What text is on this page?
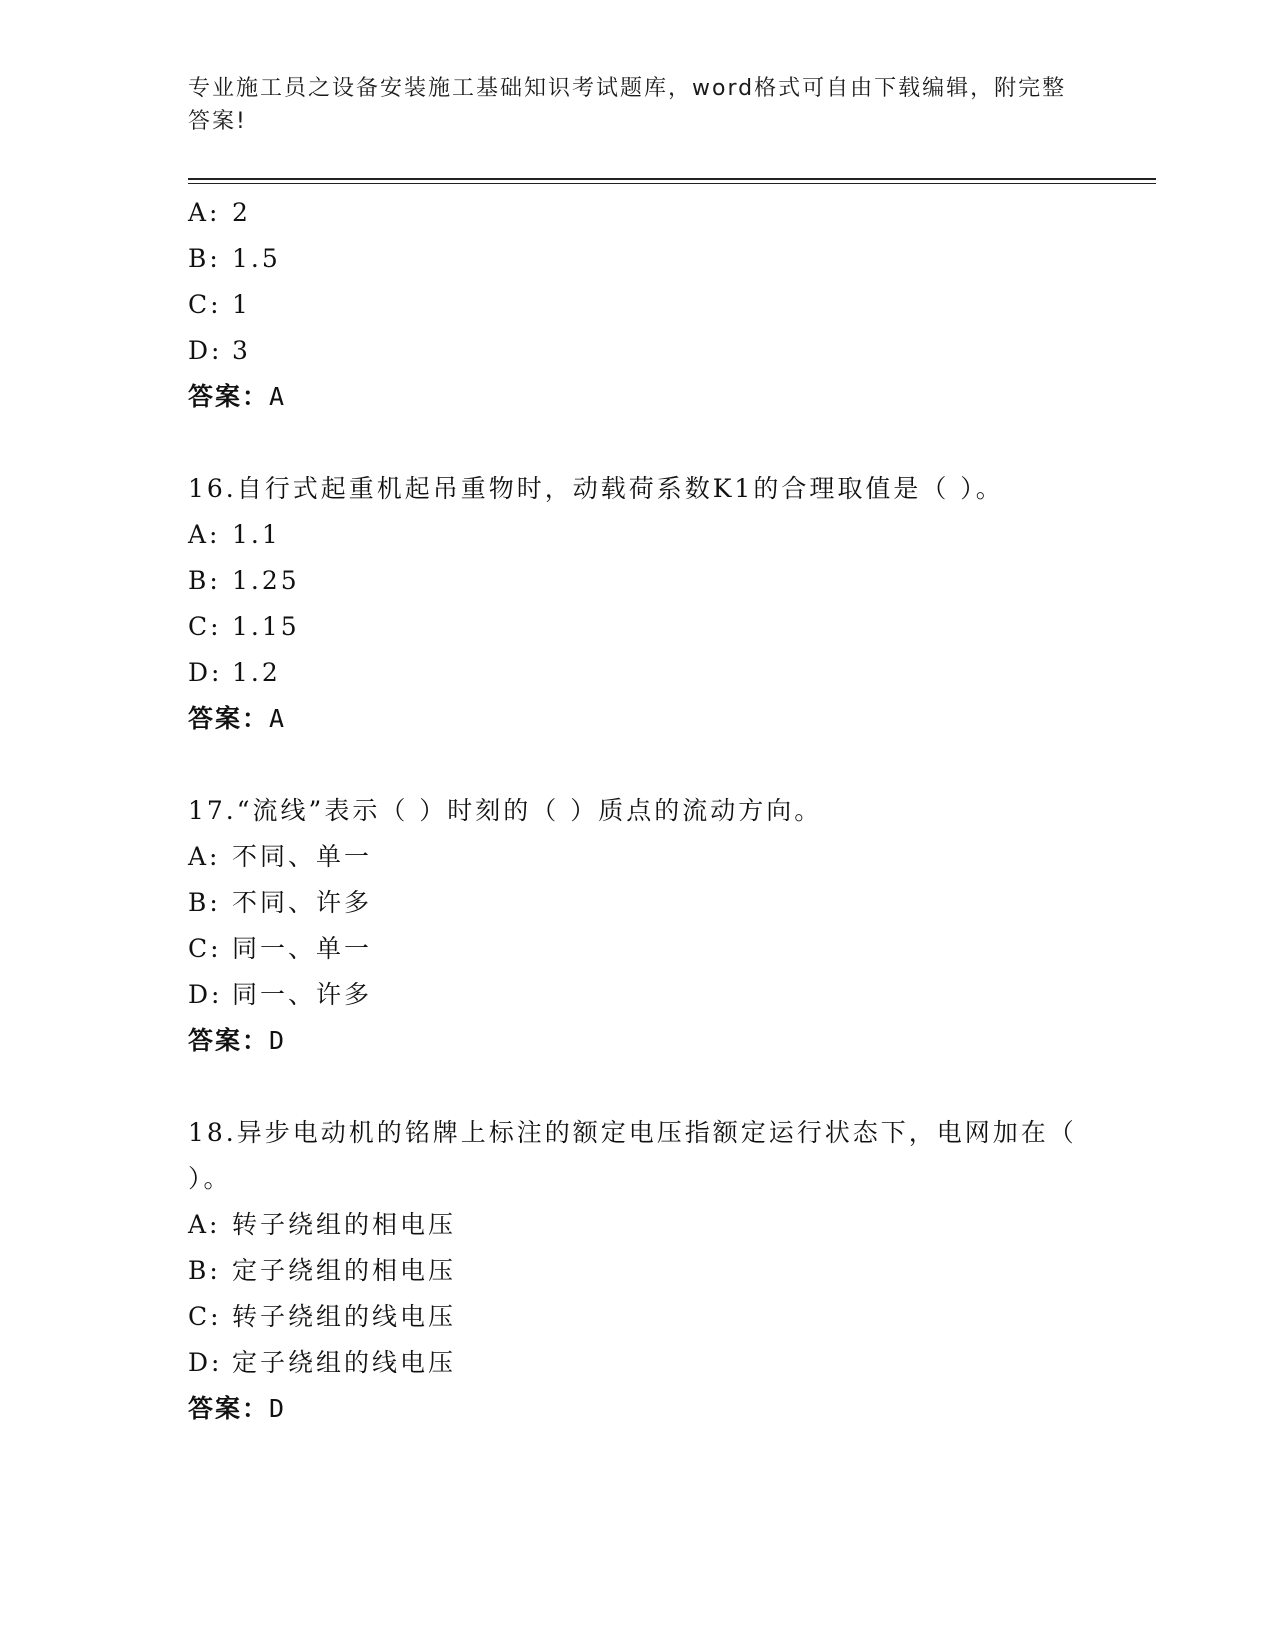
专业施工员之设备安装施工基础知识考试题库，word格式可自由下载编辑，附完整答案!
A: 2
B: 1.5
C: 1
D: 3
答案：A
16.自行式起重机起吊重物时，动载荷系数K1的合理取值是（ ）。
A: 1.1
B: 1.25
C: 1.15
D: 1.2
答案：A
17.“流线”表示（ ）时刻的（ ）质点的流动方向。
A: 不同、单一
B: 不同、许多
C: 同一、单一
D: 同一、许多
答案：D
18.异步电动机的铭牌上标注的额定电压指额定运行状态下，电网加在（ ）。
A: 转子绕组的相电压
B: 定子绕组的相电压
C: 转子绕组的线电压
D: 定子绕组的线电压
答案：D
